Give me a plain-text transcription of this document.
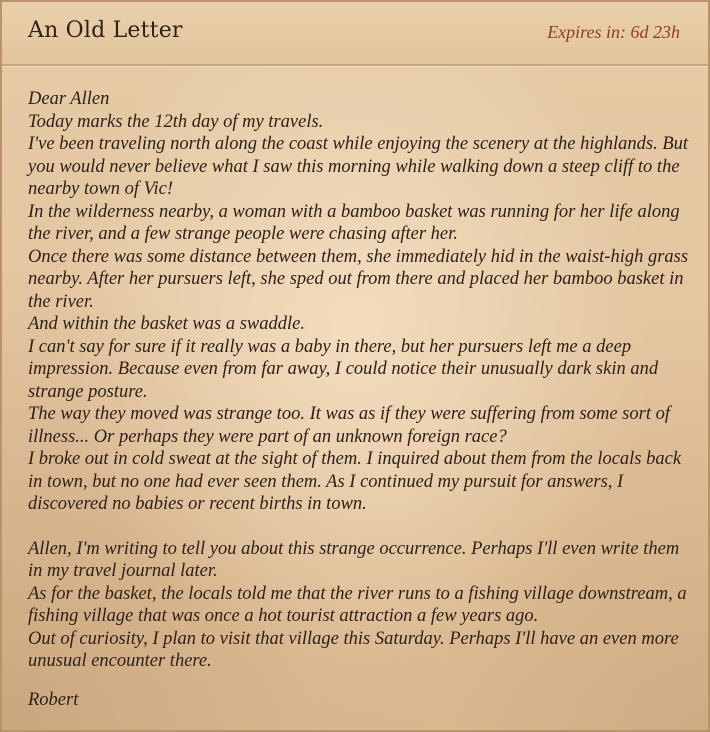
An Old Letter	Expires in: 6d 23h

Dear Allen

Today marks the 12th day of my travels.

I've been traveling north along the coast while enjoying the scenery at the highlands. But you would never believe what I saw this morning while walking down a steep cliff to the nearby town of Vic!

In the wilderness nearby, a woman with a bamboo basket was running for her life along the river, and a few strange people were chasing after her.

Once there was some distance between them, she immediately hid in the waist-high grass nearby. After her pursuers left, she sped out from there and placed her bamboo basket in the river.

And within the basket was a swaddle.

I can't say for sure if it really was a baby in there, but her pursuers left me a deep impression. Because even from far away, I could notice their unusually dark skin and strange posture.

The way they moved was strange too. It was as if they were suffering from some sort of illness... Or perhaps they were part of an unknown foreign race?

I broke out in cold sweat at the sight of them. I inquired about them from the locals back in town, but no one had ever seen them. As I continued my pursuit for answers, I discovered no babies or recent births in town.

Allen, I'm writing to tell you about this strange occurrence. Perhaps I'll even write them in my travel journal later.

As for the basket, the locals told me that the river runs to a fishing village downstream, a fishing village that was once a hot tourist attraction a few years ago.

Out of curiosity, I plan to visit that village this Saturday. Perhaps I'll have an even more unusual encounter there.

Robert
